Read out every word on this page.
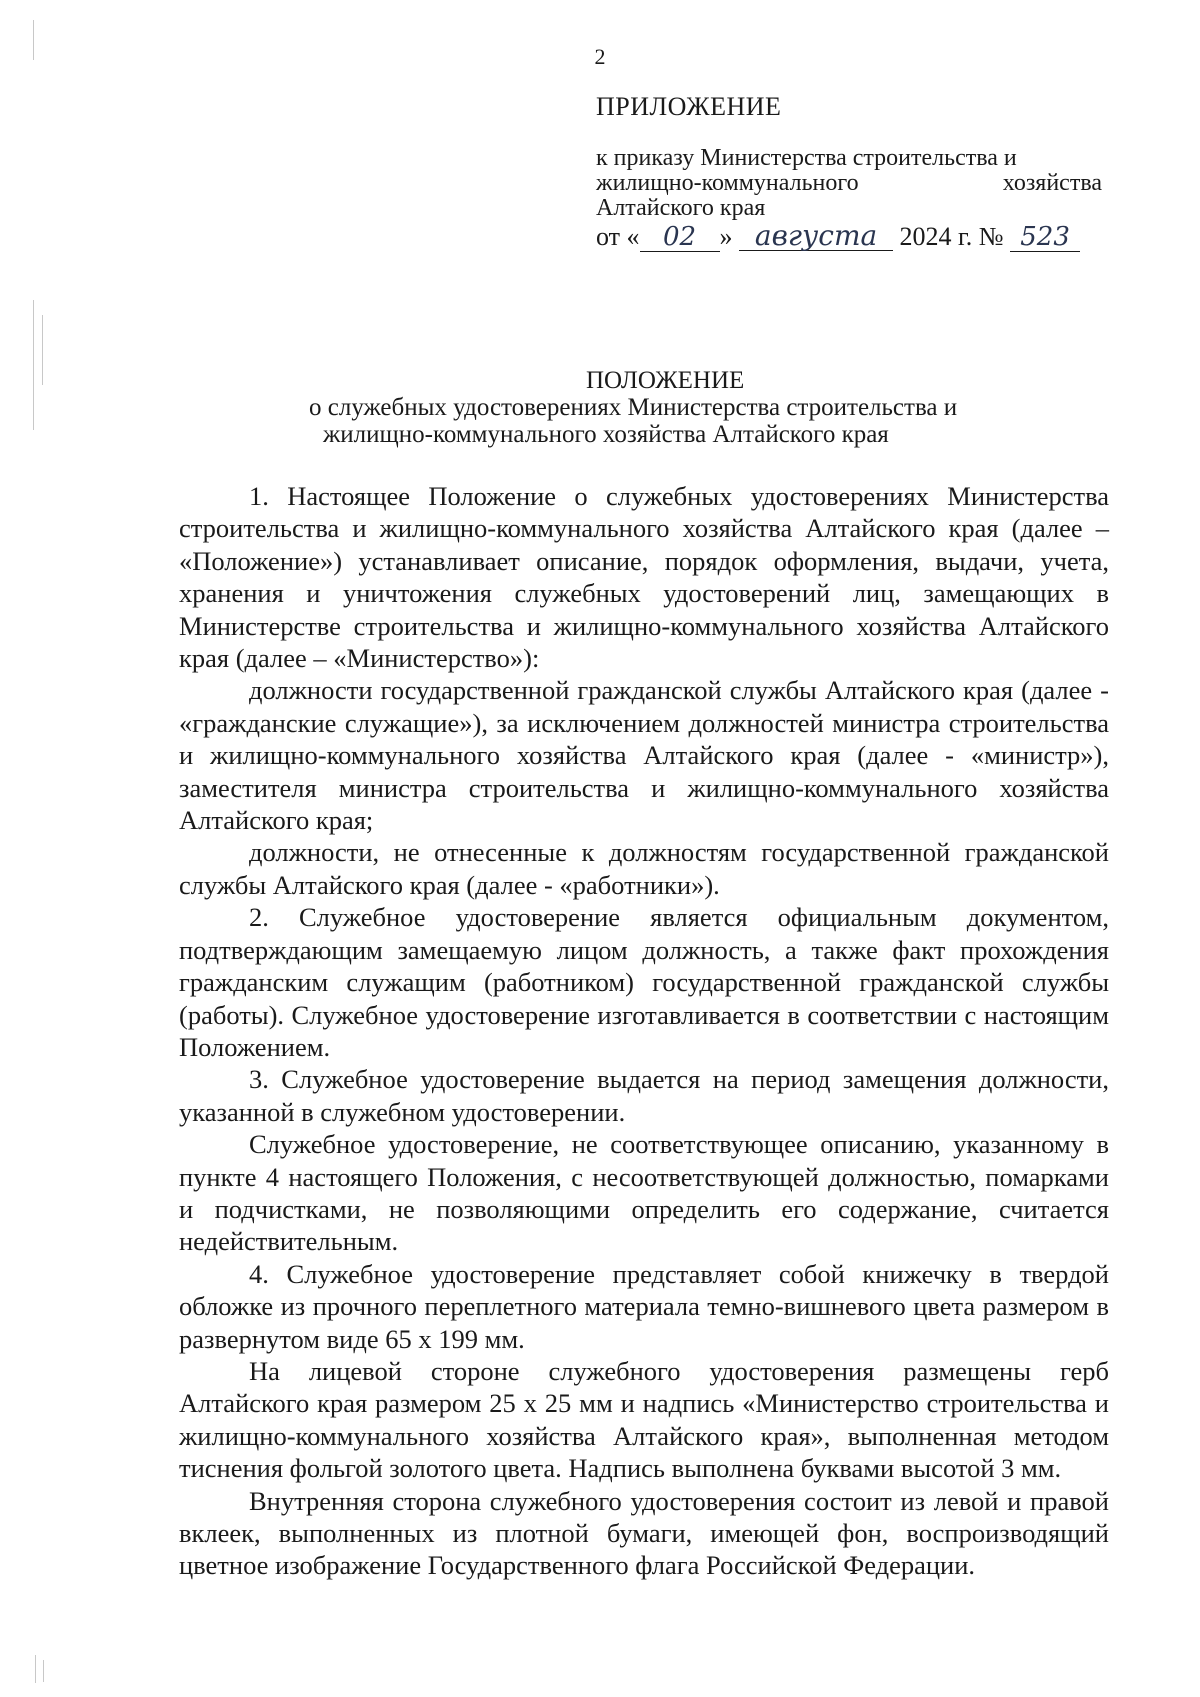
2
ПРИЛОЖЕНИЕ
к приказу Министерства строительства и
жилищно-коммунального хозяйства
Алтайского края
от « 02 » августа 2024 г. № 523
ПОЛОЖЕНИЕ
о служебных удостоверениях Министерства строительства и
жилищно-коммунального хозяйства Алтайского края

1. Настоящее Положение о служебных удостоверениях Министерства строительства и жилищно-коммунального хозяйства Алтайского края (далее – «Положение») устанавливает описание, порядок оформления, выдачи, учета, хранения и уничтожения служебных удостоверений лиц, замещающих в Министерстве строительства и жилищно-коммунального хозяйства Алтайского края (далее – «Министерство»):

должности государственной гражданской службы Алтайского края (далее - «гражданские служащие»), за исключением должностей министра строительства и жилищно-коммунального хозяйства Алтайского края (далее - «министр»), заместителя министра строительства и жилищно-коммунального хозяйства Алтайского края;

должности, не отнесенные к должностям государственной гражданской службы Алтайского края (далее - «работники»).

2. Служебное удостоверение является официальным документом, подтверждающим замещаемую лицом должность, а также факт прохождения гражданским служащим (работником) государственной гражданской службы (работы). Служебное удостоверение изготавливается в соответствии с настоящим Положением.

3. Служебное удостоверение выдается на период замещения должности, указанной в служебном удостоверении.

Служебное удостоверение, не соответствующее описанию, указанному в пункте 4 настоящего Положения, с несоответствующей должностью, помарками и подчистками, не позволяющими определить его содержание, считается недействительным.

4. Служебное удостоверение представляет собой книжечку в твердой обложке из прочного переплетного материала темно-вишневого цвета размером в развернутом виде 65 х 199 мм.

На лицевой стороне служебного удостоверения размещены герб Алтайского края размером 25 х 25 мм и надпись «Министерство строительства и жилищно-коммунального хозяйства Алтайского края», выполненная методом тиснения фольгой золотого цвета. Надпись выполнена буквами высотой 3 мм.

Внутренняя сторона служебного удостоверения состоит из левой и правой вклеек, выполненных из плотной бумаги, имеющей фон, воспроизводящий цветное изображение Государственного флага Российской Федерации.
